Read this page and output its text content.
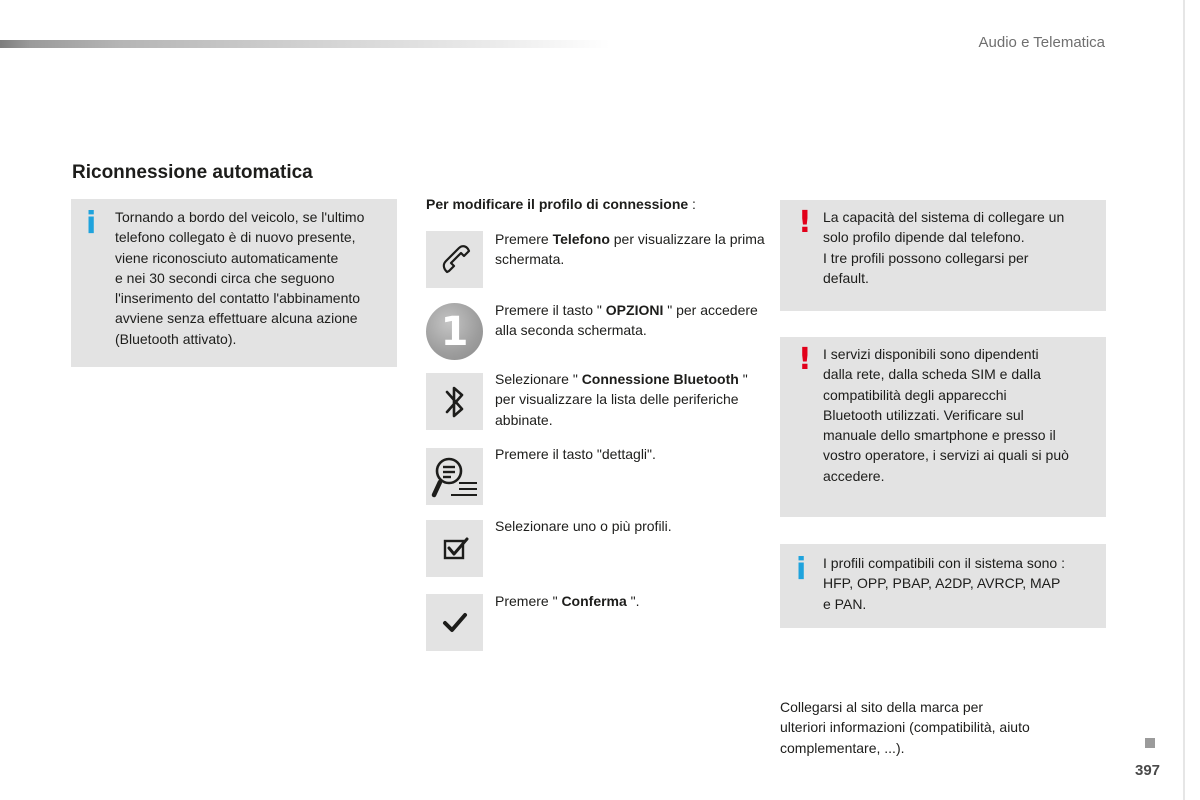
Audio e Telematica
Riconnessione automatica
i Tornando a bordo del veicolo, se l'ultimo
telefono collegato è di nuovo presente,
viene riconosciuto automaticamente
e nei 30 secondi circa che seguono
l'inserimento del contatto l'abbinamento
avviene senza effettuare alcuna azione
(Bluetooth attivato).
Per modificare il profilo di connessione :
Premere Telefono per visualizzare la prima schermata.
1	Premere il tasto " OPZIONI " per accedere alla seconda schermata.
Selezionare " Connessione Bluetooth " per visualizzare la lista delle periferiche abbinate.
Premere il tasto "dettagli".
Selezionare uno o più profili.
Premere " Conferma ".
! La capacità del sistema di collegare un
solo profilo dipende dal telefono.
I tre profili possono collegarsi per
default.
! I servizi disponibili sono dipendenti
dalla rete, dalla scheda SIM e dalla
compatibilità degli apparecchi
Bluetooth utilizzati. Verificare sul
manuale dello smartphone e presso il
vostro operatore, i servizi ai quali si può
accedere.
i I profili compatibili con il sistema sono :
HFP, OPP, PBAP, A2DP, AVRCP, MAP
e PAN.
Collegarsi al sito della marca per
ulteriori informazioni (compatibilità, aiuto
complementare, ...).
397
